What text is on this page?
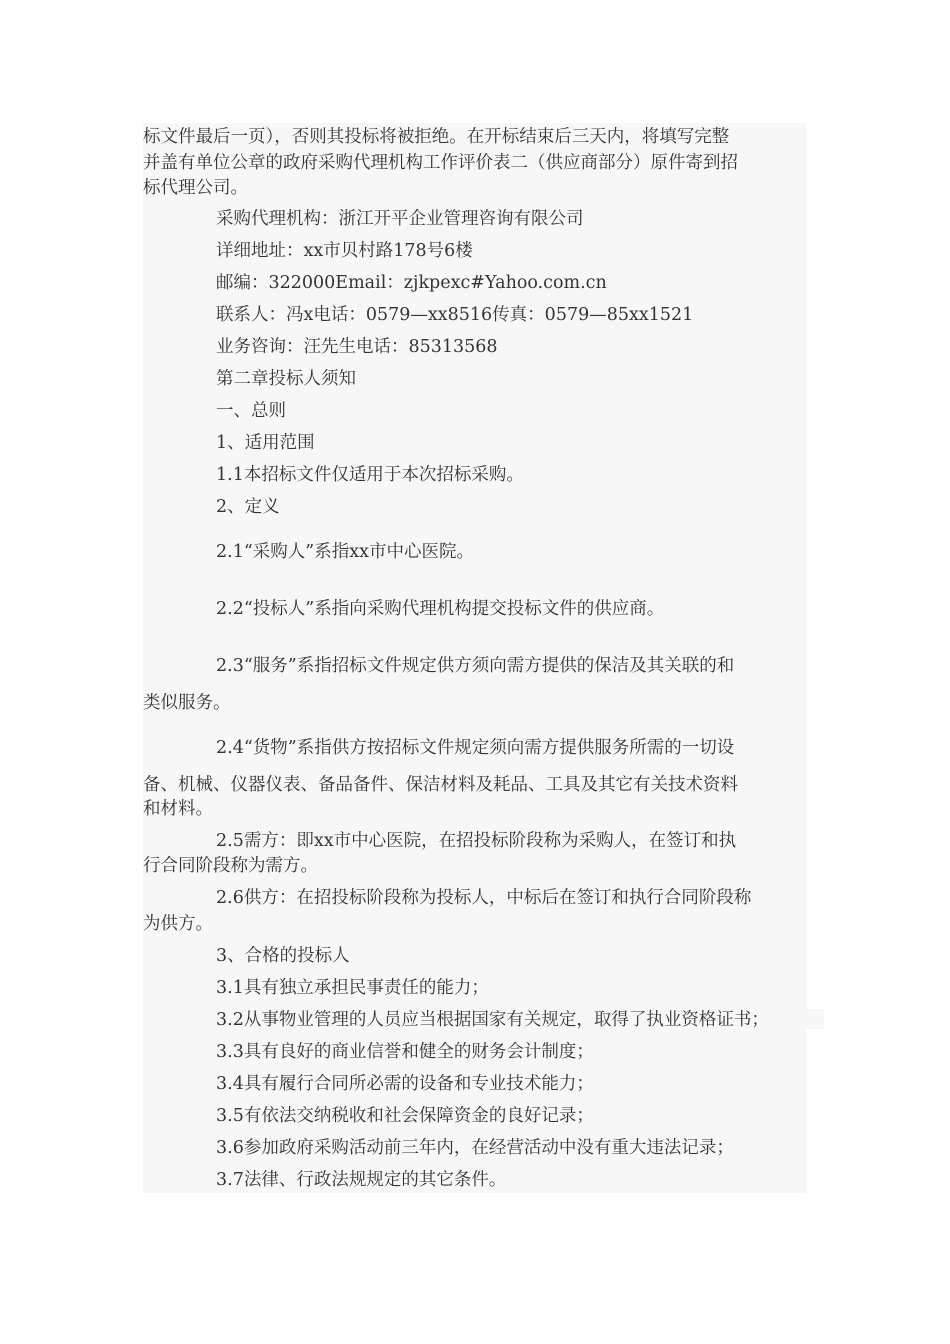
标文件最后一页），否则其投标将被拒绝。在开标结束后三天内，将填写完整
并盖有单位公章的政府采购代理机构工作评价表二（供应商部分）原件寄到招
标代理公司。
采购代理机构：浙江开平企业管理咨询有限公司
详细地址：xx市贝村路178号6楼
邮编：322000Email：zjkpexc#Yahoo.com.cn
联系人：冯x电话：0579—xx8516传真：0579—85xx1521
业务咨询：汪先生电话：85313568
第二章投标人须知
一、总则
1、适用范围
1.1本招标文件仅适用于本次招标采购。
2、定义
2.1“采购人”系指xx市中心医院。
2.2“投标人”系指向采购代理机构提交投标文件的供应商。
2.3“服务”系指招标文件规定供方须向需方提供的保洁及其关联的和
类似服务。
2.4“货物”系指供方按招标文件规定须向需方提供服务所需的一切设
备、机械、仪器仪表、备品备件、保洁材料及耗品、工具及其它有关技术资料
和材料。
2.5需方：即xx市中心医院，在招投标阶段称为采购人，在签订和执
行合同阶段称为需方。
2.6供方：在招投标阶段称为投标人，中标后在签订和执行合同阶段称
为供方。
3、合格的投标人
3.1具有独立承担民事责任的能力；
3.2从事物业管理的人员应当根据国家有关规定，取得了执业资格证书；
3.3具有良好的商业信誉和健全的财务会计制度；
3.4具有履行合同所必需的设备和专业技术能力；
3.5有依法交纳税收和社会保障资金的良好记录；
3.6参加政府采购活动前三年内，在经营活动中没有重大违法记录；
3.7法律、行政法规规定的其它条件。
